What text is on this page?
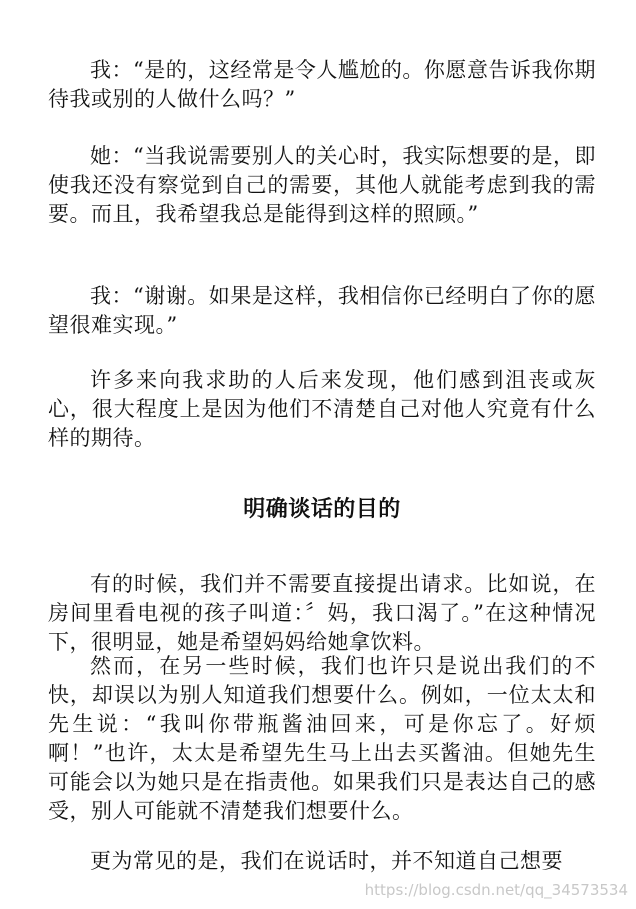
我：“是的，这经常是令人尴尬的。你愿意告诉我你期待我或别的人做什么吗？”

她：“当我说需要别人的关心时，我实际想要的是，即使我还没有察觉到自己的需要，其他人就能考虑到我的需要。而且，我希望我总是能得到这样的照顾。”

我：“谢谢。如果是这样，我相信你已经明白了你的愿望很难实现。”

许多来向我求助的人后来发现，他们感到沮丧或灰心，很大程度上是因为他们不清楚自己对他人究竟有什么样的期待。

明确谈话的目的

有的时候，我们并不需要直接提出请求。比如说，在房间里看电视的孩子叫道：〞妈，我口渴了。”在这种情况下，很明显，她是希望妈妈给她拿饮料。

然而，在另一些时候，我们也许只是说出我们的不快，却误以为别人知道我们想要什么。例如，一位太太和先生说：“我叫你带瓶酱油回来，可是你忘了。好烦啊！”也许，太太是希望先生马上出去买酱油。但她先生可能会以为她只是在指责他。如果我们只是表达自己的感受，别人可能就不清楚我们想要什么。

更为常见的是，我们在说话时，并不知道自己想要

https://blog.csdn.net/qq_34573534
